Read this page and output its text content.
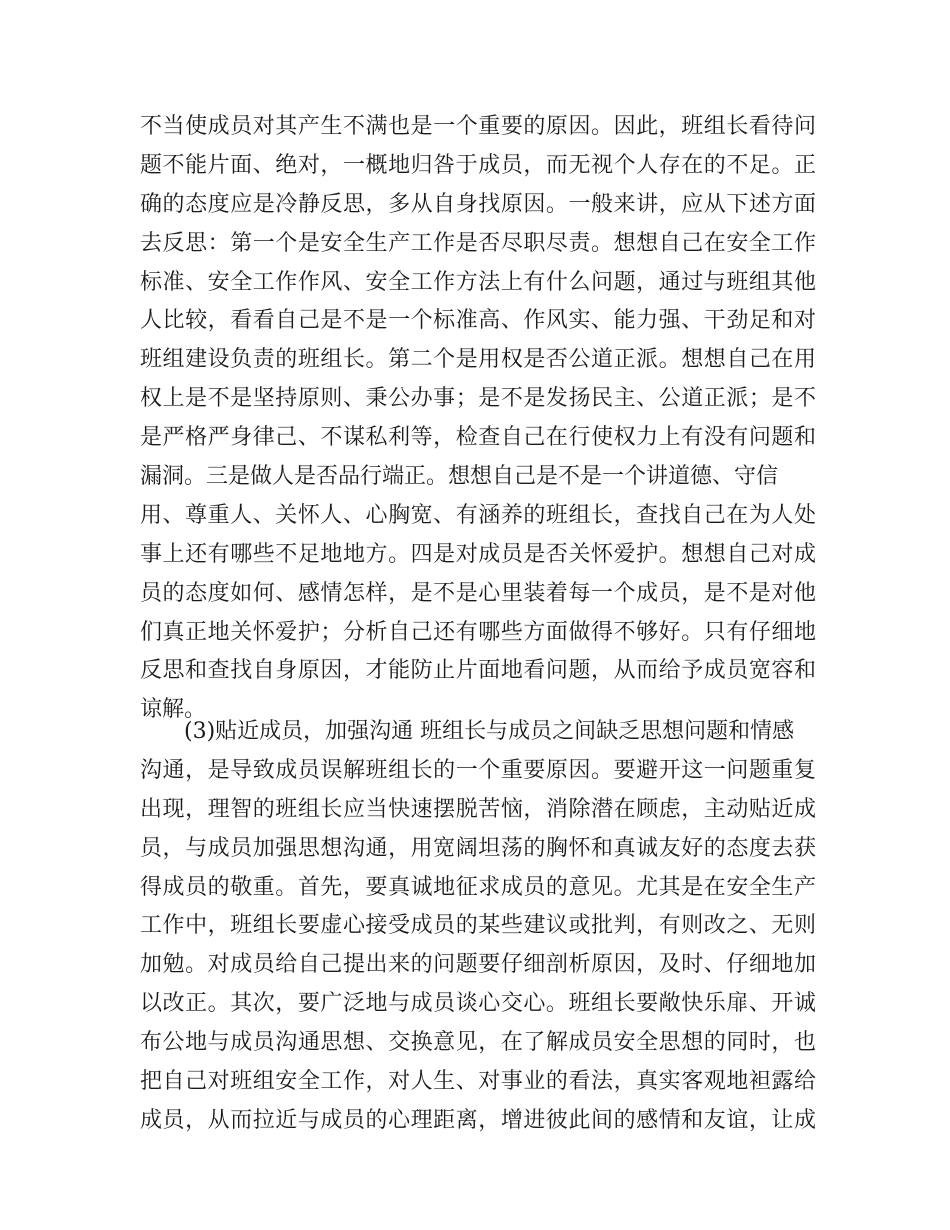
不当使成员对其产生不满也是一个重要的原因。因此，班组长看待问
题不能片面、绝对，一概地归咎于成员，而无视个人存在的不足。正
确的态度应是冷静反思，多从自身找原因。一般来讲，应从下述方面
去反思：第一个是安全生产工作是否尽职尽责。想想自己在安全工作
标准、安全工作作风、安全工作方法上有什么问题，通过与班组其他
人比较，看看自己是不是一个标准高、作风实、能力强、干劲足和对
班组建设负责的班组长。第二个是用权是否公道正派。想想自己在用
权上是不是坚持原则、秉公办事；是不是发扬民主、公道正派；是不
是严格严身律己、不谋私利等，检查自己在行使权力上有没有问题和
漏洞。三是做人是否品行端正。想想自己是不是一个讲道德、守信
用、尊重人、关怀人、心胸宽、有涵养的班组长，查找自己在为人处
事上还有哪些不足地地方。四是对成员是否关怀爱护。想想自己对成
员的态度如何、感情怎样，是不是心里装着每一个成员，是不是对他
们真正地关怀爱护；分析自己还有哪些方面做得不够好。只有仔细地
反思和查找自身原因，才能防止片面地看问题，从而给予成员宽容和
谅解。
(3)贴近成员，加强沟通 班组长与成员之间缺乏思想问题和情感
沟通，是导致成员误解班组长的一个重要原因。要避开这一问题重复
出现，理智的班组长应当快速摆脱苦恼，消除潜在顾虑，主动贴近成
员，与成员加强思想沟通，用宽阔坦荡的胸怀和真诚友好的态度去获
得成员的敬重。首先，要真诚地征求成员的意见。尤其是在安全生产
工作中，班组长要虚心接受成员的某些建议或批判，有则改之、无则
加勉。对成员给自己提出来的问题要仔细剖析原因，及时、仔细地加
以改正。其次，要广泛地与成员谈心交心。班组长要敞快乐扉、开诚
布公地与成员沟通思想、交换意见，在了解成员安全思想的同时，也
把自己对班组安全工作，对人生、对事业的看法，真实客观地袒露给
成员，从而拉近与成员的心理距离，增进彼此间的感情和友谊，让成
